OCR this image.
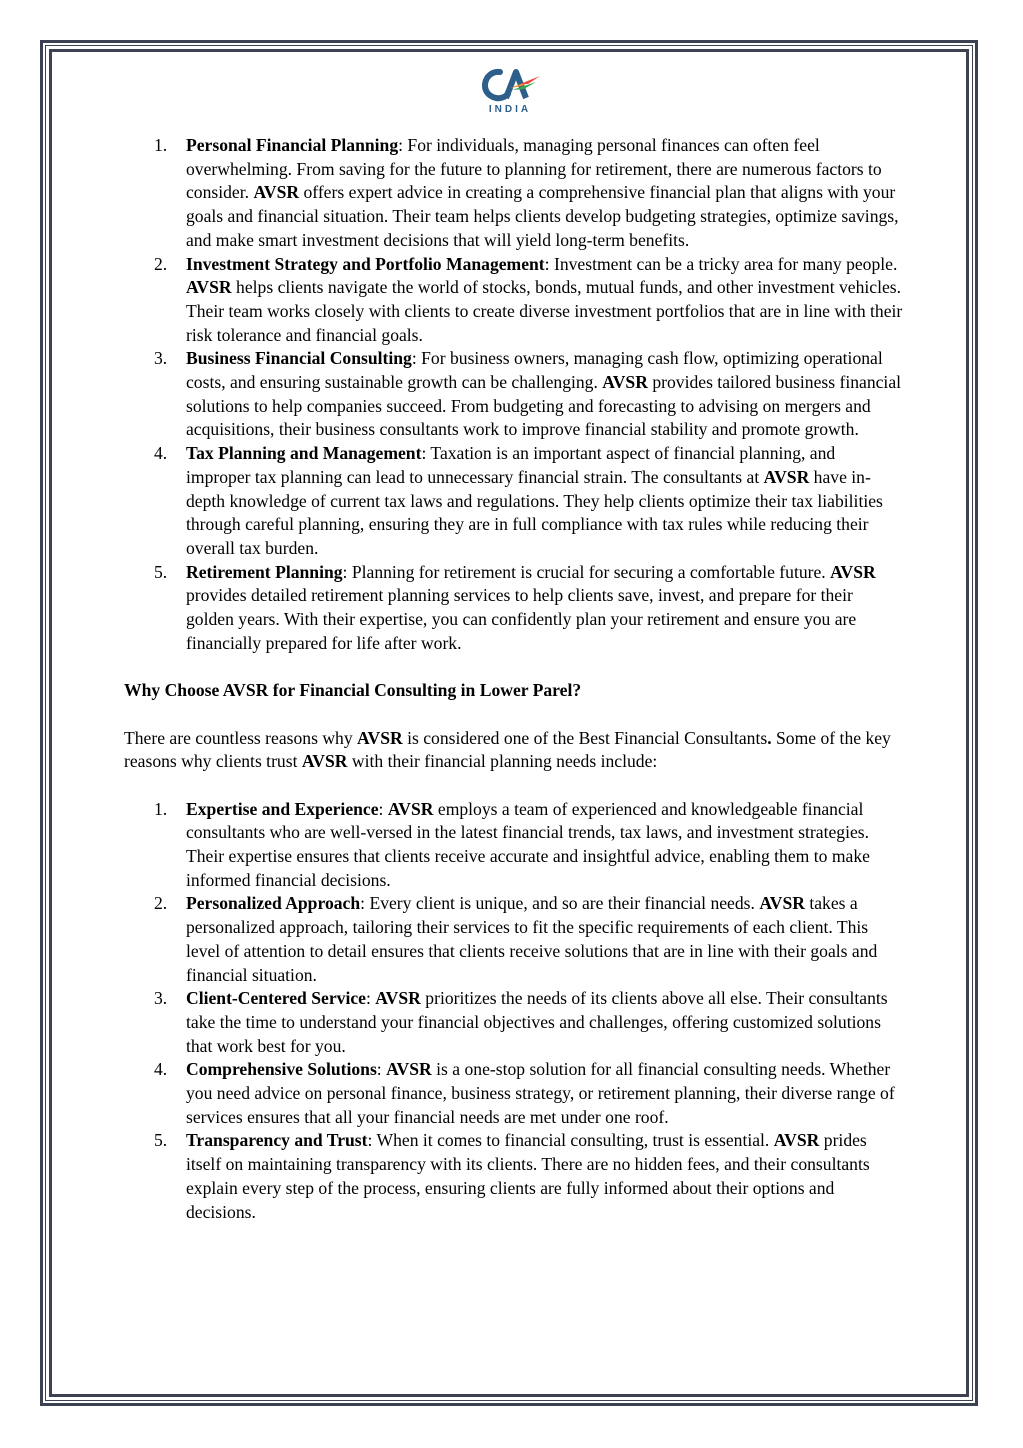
INDIA
1. Personal Financial Planning: For individuals, managing personal finances can often feel overwhelming. From saving for the future to planning for retirement, there are numerous factors to consider. AVSR offers expert advice in creating a comprehensive financial plan that aligns with your goals and financial situation. Their team helps clients develop budgeting strategies, optimize savings, and make smart investment decisions that will yield long-term benefits.
2. Investment Strategy and Portfolio Management: Investment can be a tricky area for many people. AVSR helps clients navigate the world of stocks, bonds, mutual funds, and other investment vehicles. Their team works closely with clients to create diverse investment portfolios that are in line with their risk tolerance and financial goals.
3. Business Financial Consulting: For business owners, managing cash flow, optimizing operational costs, and ensuring sustainable growth can be challenging. AVSR provides tailored business financial solutions to help companies succeed. From budgeting and forecasting to advising on mergers and acquisitions, their business consultants work to improve financial stability and promote growth.
4. Tax Planning and Management: Taxation is an important aspect of financial planning, and improper tax planning can lead to unnecessary financial strain. The consultants at AVSR have in-depth knowledge of current tax laws and regulations. They help clients optimize their tax liabilities through careful planning, ensuring they are in full compliance with tax rules while reducing their overall tax burden.
5. Retirement Planning: Planning for retirement is crucial for securing a comfortable future. AVSR provides detailed retirement planning services to help clients save, invest, and prepare for their golden years. With their expertise, you can confidently plan your retirement and ensure you are financially prepared for life after work.

Why Choose AVSR for Financial Consulting in Lower Parel?

There are countless reasons why AVSR is considered one of the Best Financial Consultants. Some of the key reasons why clients trust AVSR with their financial planning needs include:

1. Expertise and Experience: AVSR employs a team of experienced and knowledgeable financial consultants who are well-versed in the latest financial trends, tax laws, and investment strategies. Their expertise ensures that clients receive accurate and insightful advice, enabling them to make informed financial decisions.
2. Personalized Approach: Every client is unique, and so are their financial needs. AVSR takes a personalized approach, tailoring their services to fit the specific requirements of each client. This level of attention to detail ensures that clients receive solutions that are in line with their goals and financial situation.
3. Client-Centered Service: AVSR prioritizes the needs of its clients above all else. Their consultants take the time to understand your financial objectives and challenges, offering customized solutions that work best for you.
4. Comprehensive Solutions: AVSR is a one-stop solution for all financial consulting needs. Whether you need advice on personal finance, business strategy, or retirement planning, their diverse range of services ensures that all your financial needs are met under one roof.
5. Transparency and Trust: When it comes to financial consulting, trust is essential. AVSR prides itself on maintaining transparency with its clients. There are no hidden fees, and their consultants explain every step of the process, ensuring clients are fully informed about their options and decisions.
